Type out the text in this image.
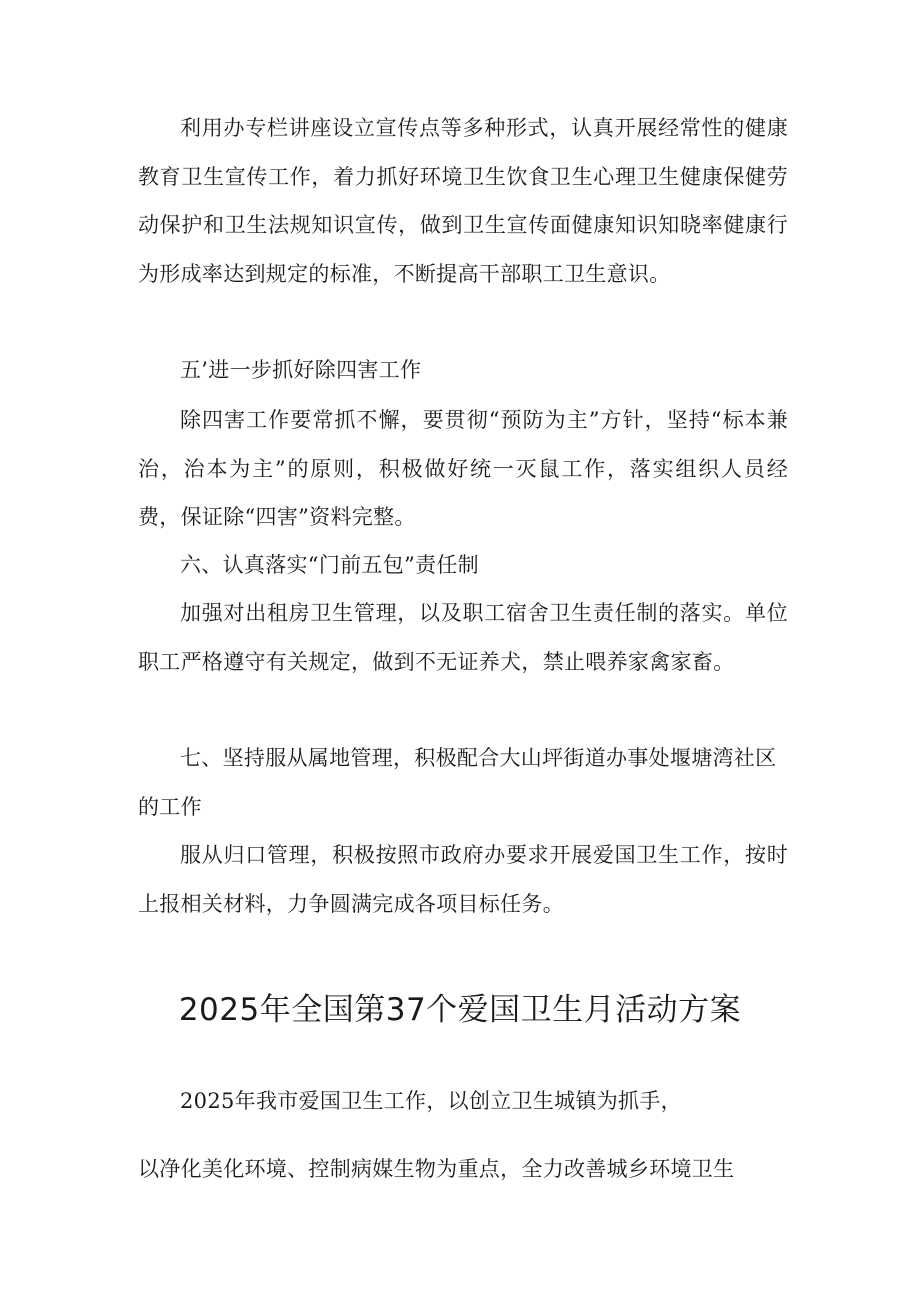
利用办专栏讲座设立宣传点等多种形式，认真开展经常性的健康教育卫生宣传工作，着力抓好环境卫生饮食卫生心理卫生健康保健劳动保护和卫生法规知识宣传，做到卫生宣传面健康知识知晓率健康行为形成率达到规定的标准，不断提高干部职工卫生意识。

五’进一步抓好除四害工作

除四害工作要常抓不懈，要贯彻“预防为主”方针，坚持“标本兼治，治本为主”的原则，积极做好统一灭鼠工作，落实组织人员经费，保证除“四害”资料完整。

六、认真落实“门前五包”责任制

加强对出租房卫生管理，以及职工宿舍卫生责任制的落实。单位职工严格遵守有关规定，做到不无证养犬，禁止喂养家禽家畜。

七、坚持服从属地管理，积极配合大山坪街道办事处堰塘湾社区的工作

服从归口管理，积极按照市政府办要求开展爱国卫生工作，按时上报相关材料，力争圆满完成各项目标任务。

2025年全国第37个爱国卫生月活动方案

2025年我市爱国卫生工作，以创立卫生城镇为抓手，

以净化美化环境、控制病媒生物为重点，全力改善城乡环境卫生
